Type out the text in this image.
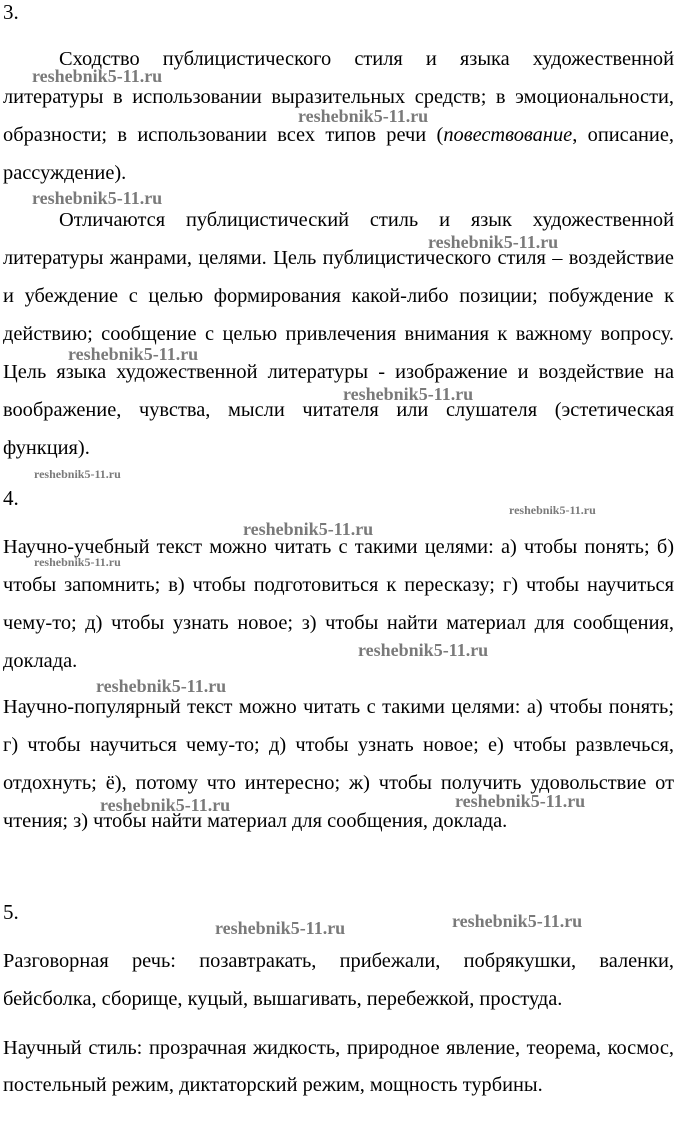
3.

Сходство публицистического стиля и языка художественной литературы в использовании выразительных средств; в эмоциональности, образности; в использовании всех типов речи (повествование, описание, рассуждение).

Отличаются публицистический стиль и язык художественной литературы жанрами, целями. Цель публицистического стиля – воздействие и убеждение с целью формирования какой-либо позиции; побуждение к действию; сообщение с целью привлечения внимания к важному вопросу. Цель языка художественной литературы - изображение и воздействие на воображение, чувства, мысли читателя или слушателя (эстетическая функция).

4.

Научно-учебный текст можно читать с такими целями: а) чтобы понять; б) чтобы запомнить; в) чтобы подготовиться к пересказу; г) чтобы научиться чему-то; д) чтобы узнать новое; з) чтобы найти материал для сообщения, доклада.

Научно-популярный текст можно читать с такими целями: а) чтобы понять; г) чтобы научиться чему-то; д) чтобы узнать новое; е) чтобы развлечься, отдохнуть; ё), потому что интересно; ж) чтобы получить удовольствие от чтения; з) чтобы найти материал для сообщения, доклада.

5.

Разговорная речь: позавтракать, прибежали, побрякушки, валенки, бейсболка, сборище, куцый, вышагивать, перебежкой, простуда.

Научный стиль: прозрачная жидкость, природное явление, теорема, космос, постельный режим, диктаторский режим, мощность турбины.

reshebnik5-11.ru
reshebnik5-11.ru
reshebnik5-11.ru
reshebnik5-11.ru
reshebnik5-11.ru
reshebnik5-11.ru
reshebnik5-11.ru
reshebnik5-11.ru
reshebnik5-11.ru
reshebnik5-11.ru
reshebnik5-11.ru
reshebnik5-11.ru
reshebnik5-11.ru	reshebnik5-11.ru
reshebnik5-11.ru	reshebnik5-11.ru
